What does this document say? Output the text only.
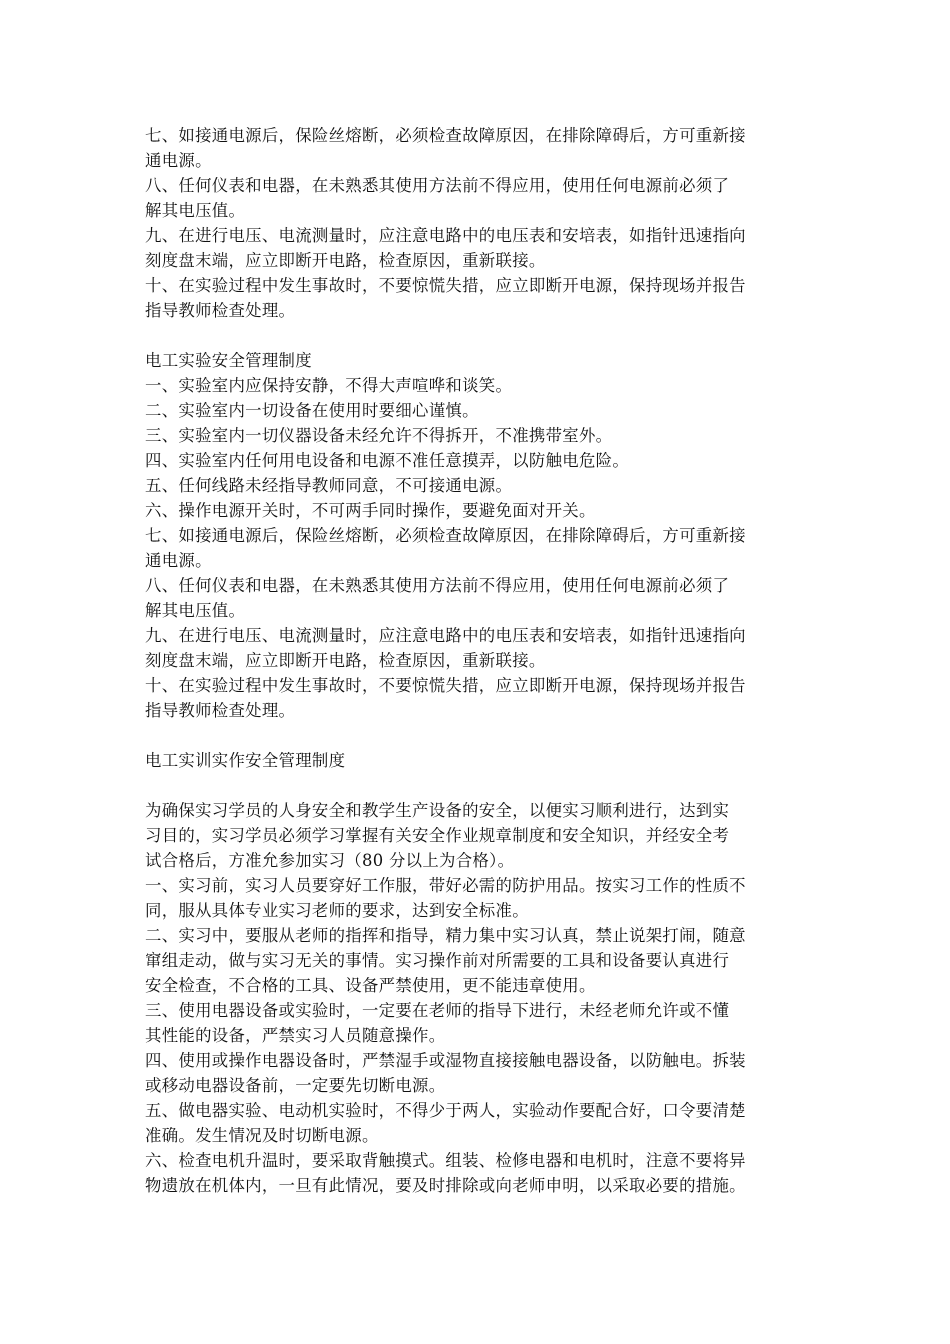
七、如接通电源后，保险丝熔断，必须检查故障原因，在排除障碍后，方可重新接
通电源。
八、任何仪表和电器，在未熟悉其使用方法前不得应用，使用任何电源前必须了
解其电压值。
九、在进行电压、电流测量时，应注意电路中的电压表和安培表，如指针迅速指向
刻度盘末端，应立即断开电路，检查原因，重新联接。
十、在实验过程中发生事故时，不要惊慌失措，应立即断开电源，保持现场并报告
指导教师检查处理。
电工实验安全管理制度
一、实验室内应保持安静，不得大声喧哗和谈笑。
二、实验室内一切设备在使用时要细心谨慎。
三、实验室内一切仪器设备未经允许不得拆开，不准携带室外。
四、实验室内任何用电设备和电源不准任意摸弄，以防触电危险。
五、任何线路未经指导教师同意，不可接通电源。
六、操作电源开关时，不可两手同时操作，要避免面对开关。
七、如接通电源后，保险丝熔断，必须检查故障原因，在排除障碍后，方可重新接
通电源。
八、任何仪表和电器，在未熟悉其使用方法前不得应用，使用任何电源前必须了
解其电压值。
九、在进行电压、电流测量时，应注意电路中的电压表和安培表，如指针迅速指向
刻度盘末端，应立即断开电路，检查原因，重新联接。
十、在实验过程中发生事故时，不要惊慌失措，应立即断开电源，保持现场并报告
指导教师检查处理。
电工实训实作安全管理制度
为确保实习学员的人身安全和教学生产设备的安全，以便实习顺利进行，达到实
习目的，实习学员必须学习掌握有关安全作业规章制度和安全知识，并经安全考
试合格后，方准允参加实习（80 分以上为合格）。
一、实习前，实习人员要穿好工作服，带好必需的防护用品。按实习工作的性质不
同，服从具体专业实习老师的要求，达到安全标准。
二、实习中，要服从老师的指挥和指导，精力集中实习认真，禁止说架打闹，随意
窜组走动，做与实习无关的事情。实习操作前对所需要的工具和设备要认真进行
安全检查，不合格的工具、设备严禁使用，更不能违章使用。
三、使用电器设备或实验时，一定要在老师的指导下进行，未经老师允许或不懂
其性能的设备，严禁实习人员随意操作。
四、使用或操作电器设备时，严禁湿手或湿物直接接触电器设备，以防触电。拆装
或移动电器设备前，一定要先切断电源。
五、做电器实验、电动机实验时，不得少于两人，实验动作要配合好，口令要清楚
准确。发生情况及时切断电源。
六、检查电机升温时，要采取背触摸式。组装、检修电器和电机时，注意不要将异
物遗放在机体内，一旦有此情况，要及时排除或向老师申明，以采取必要的措施。
